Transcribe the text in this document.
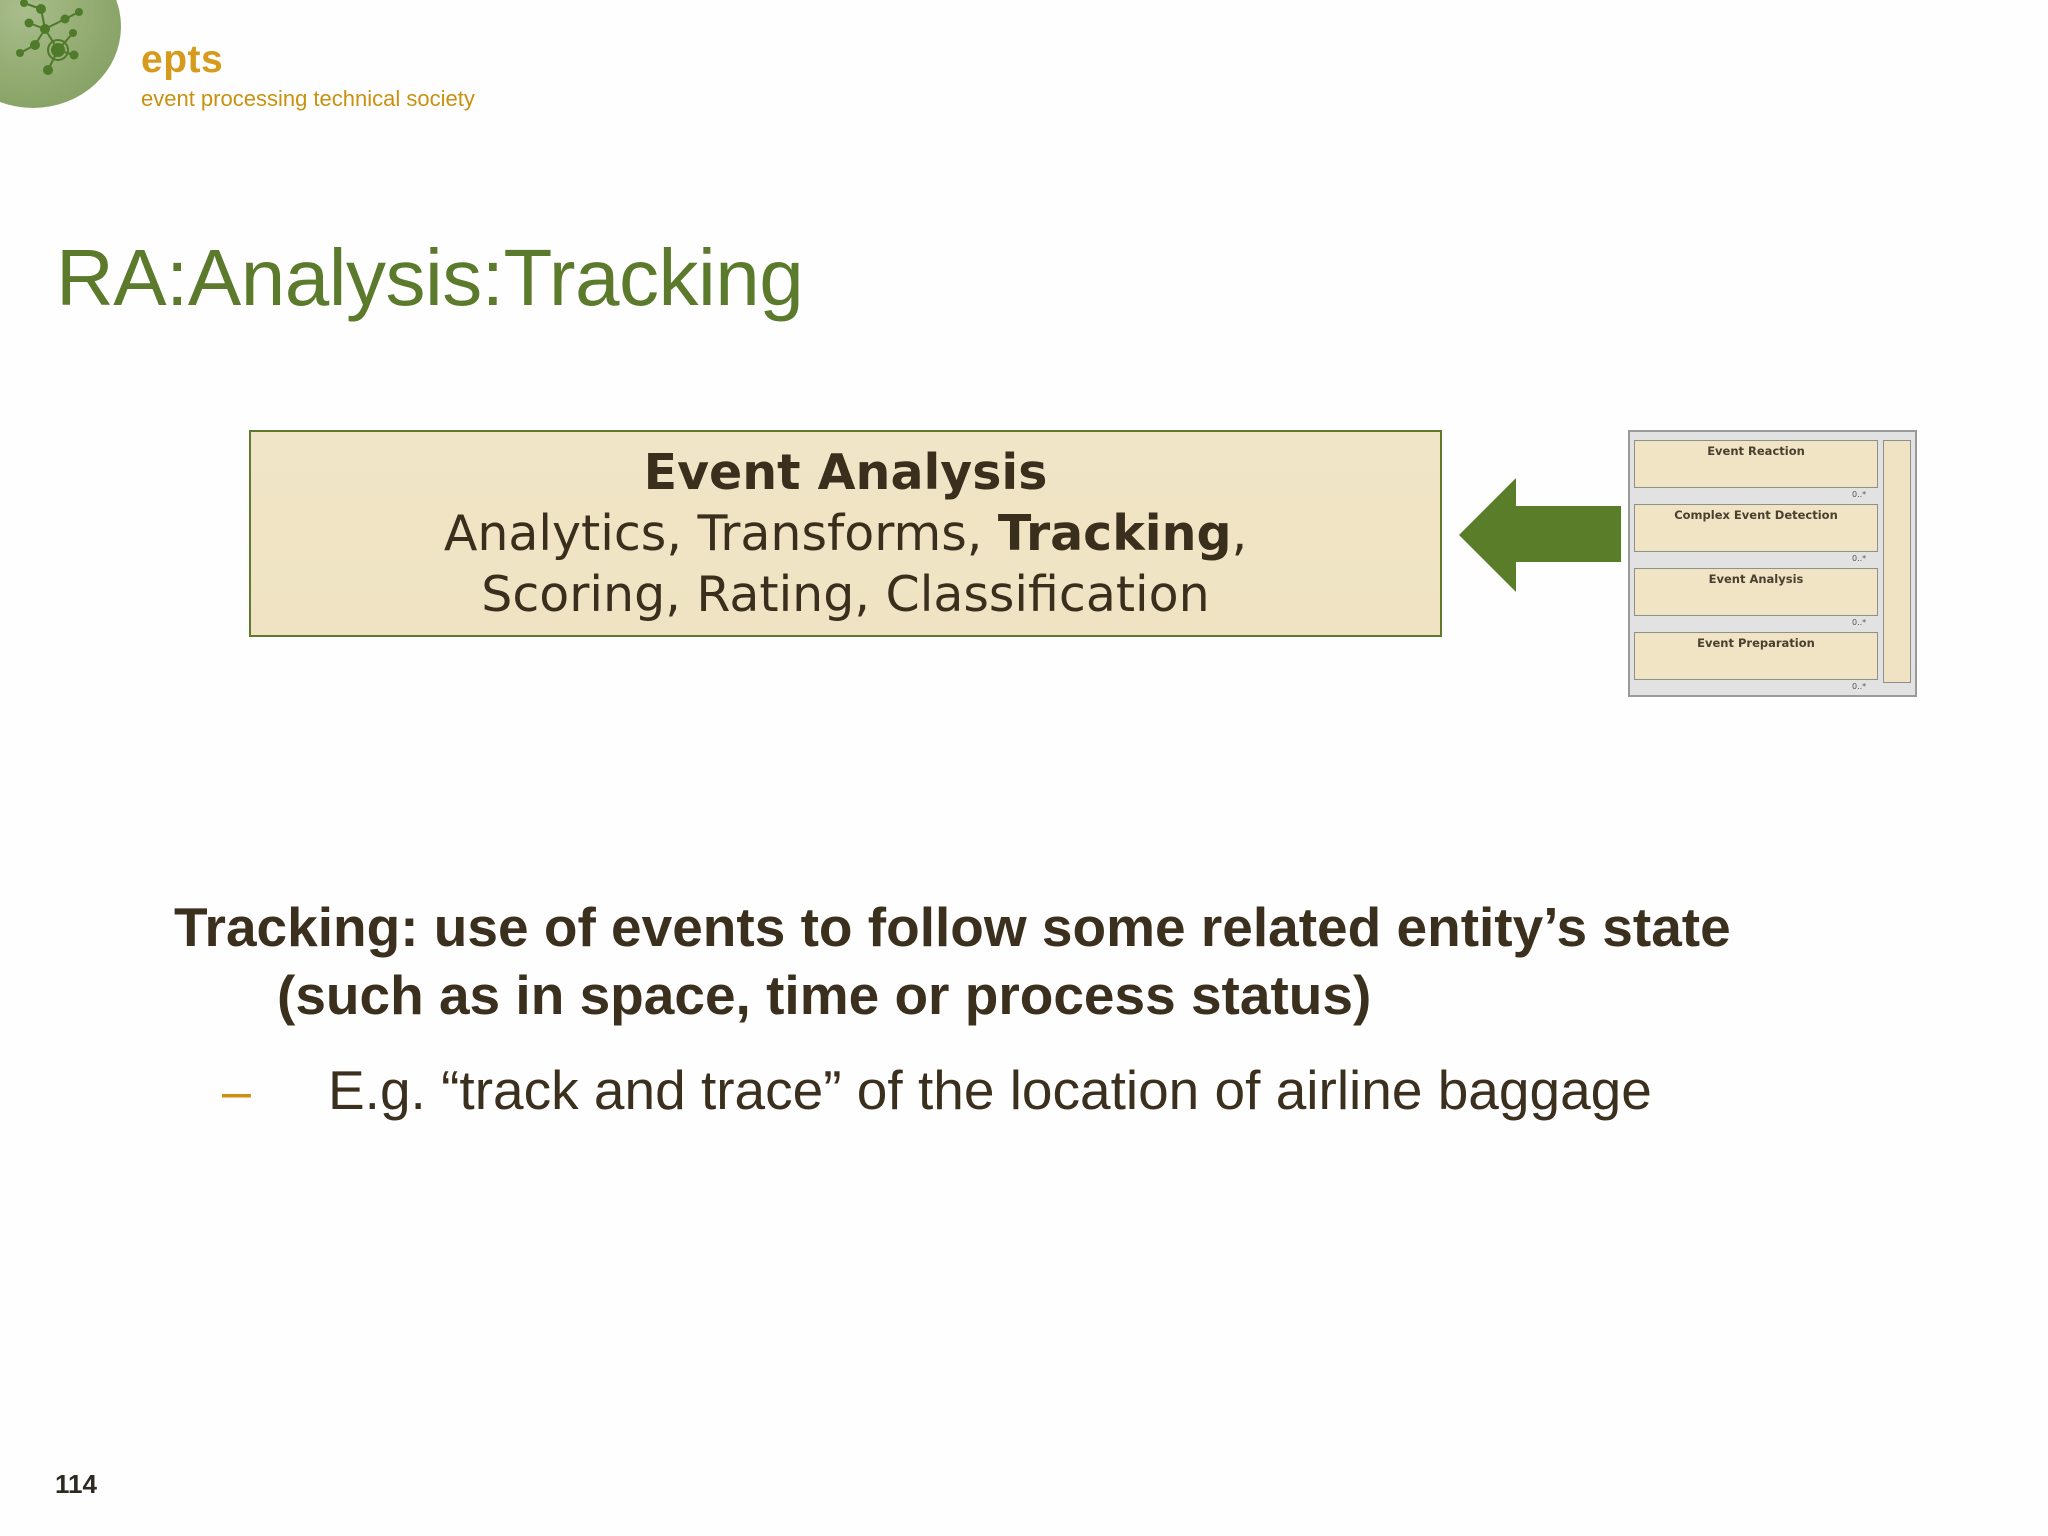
epts
event processing technical society
RA:Analysis:Tracking
Event Analysis
Analytics, Transforms, Tracking,
Scoring, Rating, Classification
Event Reaction
0..*
Complex Event Detection
0..*
Event Analysis
0..*
Event Preparation
0..*
Tracking: use of events to follow some related entity’s state
(such as in space, time or process status)
– E.g. “track and trace” of the location of airline baggage
114
